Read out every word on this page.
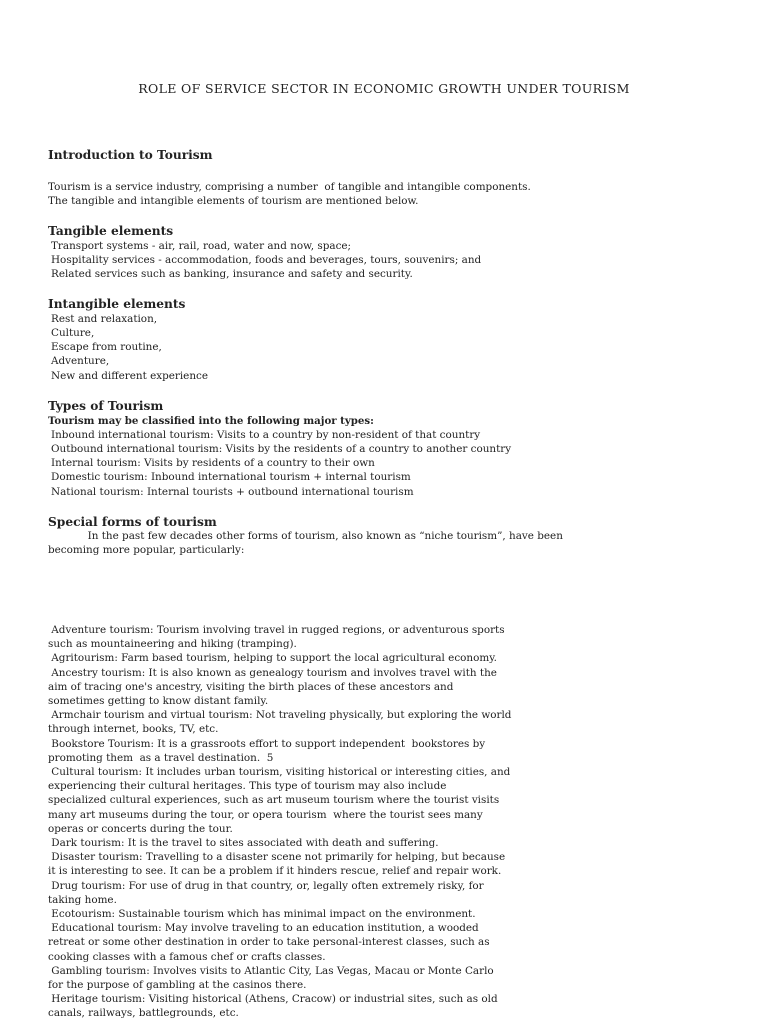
ROLE OF SERVICE SECTOR IN ECONOMIC GROWTH UNDER TOURISM
Introduction to Tourism
Tourism is a service industry, comprising a number  of tangible and intangible components.
The tangible and intangible elements of tourism are mentioned below.
Tangible elements
Transport systems - air, rail, road, water and now, space;
Hospitality services - accommodation, foods and beverages, tours, souvenirs; and
Related services such as banking, insurance and safety and security.
Intangible elements
Rest and relaxation,
Culture,
Escape from routine,
Adventure,
New and different experience
Types of Tourism
Tourism may be classified into the following major types:
Inbound international tourism: Visits to a country by non-resident of that country
Outbound international tourism: Visits by the residents of a country to another country
Internal tourism: Visits by residents of a country to their own
Domestic tourism: Inbound international tourism + internal tourism
National tourism: Internal tourists + outbound international tourism
Special forms of tourism
In the past few decades other forms of tourism, also known as “niche tourism”, have been
becoming more popular, particularly:
Adventure tourism: Tourism involving travel in rugged regions, or adventurous sports
such as mountaineering and hiking (tramping).
Agritourism: Farm based tourism, helping to support the local agricultural economy.
Ancestry tourism: It is also known as genealogy tourism and involves travel with the
aim of tracing one's ancestry, visiting the birth places of these ancestors and
sometimes getting to know distant family.
Armchair tourism and virtual tourism: Not traveling physically, but exploring the world
through internet, books, TV, etc.
Bookstore Tourism: It is a grassroots effort to support independent  bookstores by
promoting them  as a travel destination.  5
Cultural tourism: It includes urban tourism, visiting historical or interesting cities, and
experiencing their cultural heritages. This type of tourism may also include
specialized cultural experiences, such as art museum tourism where the tourist visits
many art museums during the tour, or opera tourism  where the tourist sees many
operas or concerts during the tour.
Dark tourism: It is the travel to sites associated with death and suffering.
Disaster tourism: Travelling to a disaster scene not primarily for helping, but because
it is interesting to see. It can be a problem if it hinders rescue, relief and repair work.
Drug tourism: For use of drug in that country, or, legally often extremely risky, for
taking home.
Ecotourism: Sustainable tourism which has minimal impact on the environment.
Educational tourism: May involve traveling to an education institution, a wooded
retreat or some other destination in order to take personal-interest classes, such as
cooking classes with a famous chef or crafts classes.
Gambling tourism: Involves visits to Atlantic City, Las Vegas, Macau or Monte Carlo
for the purpose of gambling at the casinos there.
Heritage tourism: Visiting historical (Athens, Cracow) or industrial sites, such as old
canals, railways, battlegrounds, etc.
